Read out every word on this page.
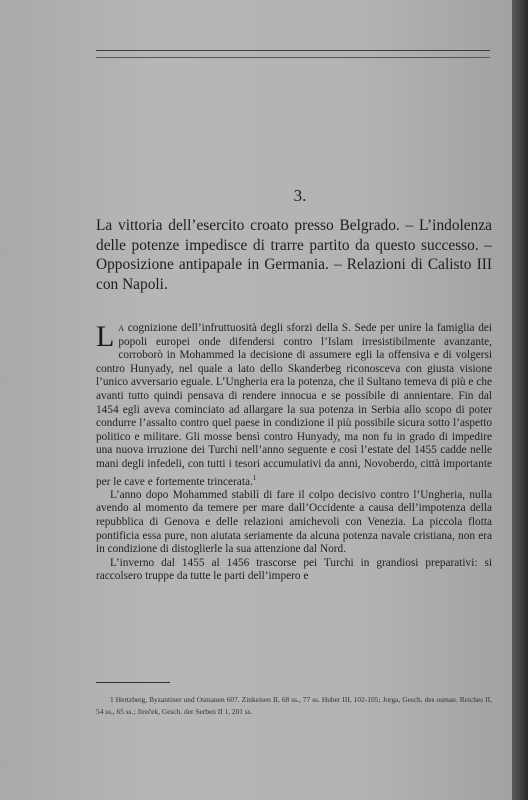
3.
La vittoria dell’esercito croato presso Belgrado. – L’indolenza delle potenze impedisce di trarre partito da questo successo. – Opposizione antipapale in Germania. – Relazioni di Calisto III con Napoli.

La cognizione dell’infruttuosità degli sforzi della S. Sede per unire la famiglia dei popoli europei onde difendersi contro l’Islam irresistibilmente avanzante, corroborò in Mohammed la decisione di assumere egli la offensiva e di volgersi contro Hunyady, nel quale a lato dello Skanderbeg riconosceva con giusta visione l’unico avversario eguale. L’Ungheria era la potenza, che il Sultano temeva di più e che avanti tutto quindi pensava di rendere innocua e se possibile di annientare. Fin dal 1454 egli aveva cominciato ad allargare la sua potenza in Serbia allo scopo di poter condurre l’assalto contro quel paese in condizione il più possibile sicura sotto l’aspetto politico e militare. Gli mosse bensì contro Hunyady, ma non fu in grado di impedire una nuova irruzione dei Turchi nell’anno seguente e così l’estate del 1455 cadde nelle mani degli infedeli, con tutti i tesori accumulativi da anni, Novoberdo, città importante per le cave e fortemente trincerata.$^1$

L’anno dopo Mohammed stabilì di fare il colpo decisivo contro l’Ungheria, nulla avendo al momento da temere per mare dall’Occidente a causa dell’impotenza della repubblica di Genova e delle relazioni amichevoli con Venezia. La piccola flotta pontificia essa pure, non aiutata seriamente da alcuna potenza navale cristiana, non era in condizione di distoglierle la sua attenzione dal Nord.

L’inverno dal 1455 al 1456 trascorse pei Turchi in grandiosi preparativi: si raccolsero truppe da tutte le parti dell’impero e

1 Hertzberg, Byzantiner und Osmanen 607. Zinkeisen II, 68 ss., 77 ss. Huber III, 102-105; Jorga, Gesch. des osman. Reiches II, 54 ss., 65 ss.; Jireček, Gesch. der Serben II 1, 201 ss.
